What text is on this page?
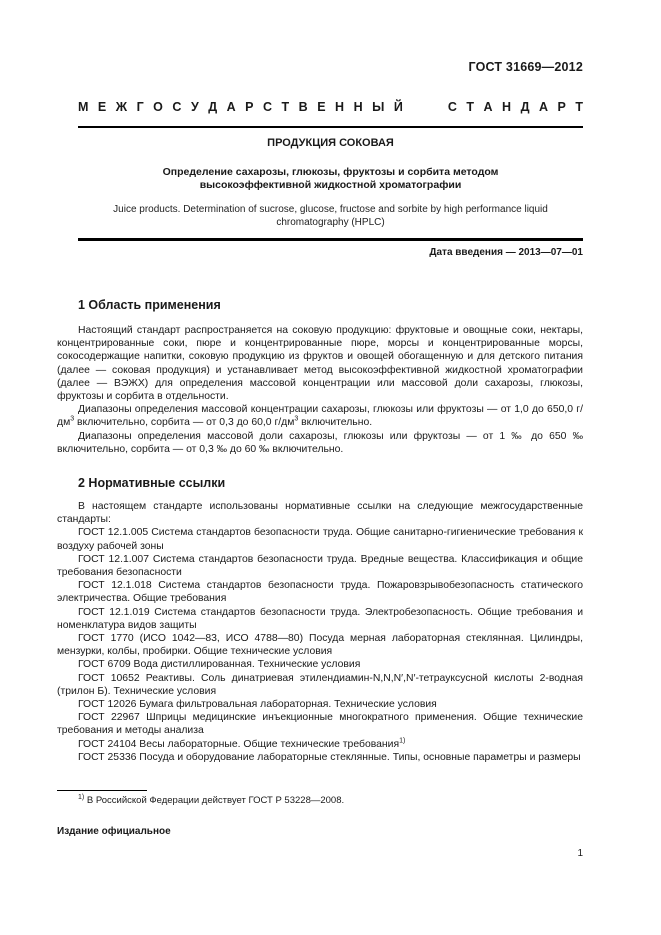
ГОСТ 31669—2012
М Е Ж Г О С У Д А Р С Т В Е Н Н Ы Й	С Т А Н Д А Р Т
ПРОДУКЦИЯ СОКОВАЯ
Определение сахарозы, глюкозы, фруктозы и сорбита методом
высокоэффективной жидкостной хроматографии
Juice products. Determination of sucrose, glucose, fructose and sorbite by high performance liquid
chromatography (HPLC)
Дата введения — 2013—07—01
1 Область применения

Настоящий стандарт распространяется на соковую продукцию: фруктовые и овощные соки, нектары, концентрированные соки, пюре и концентрированные пюре, морсы и концентрированные морсы, сокосодержащие напитки, соковую продукцию из фруктов и овощей обогащенную и для детского питания (далее — соковая продукция) и устанавливает метод высокоэффективной жидкостной хроматографии (далее — ВЭЖХ) для определения массовой концентрации или массовой доли сахарозы, глюкозы, фруктозы и сорбита в отдельности.

Диапазоны определения массовой концентрации сахарозы, глюкозы или фруктозы — от 1,0 до 650,0 $г/дм^3$ включительно, сорбита — от 0,3 до 60,0 $г/дм^3$ включительно.

Диапазоны определения массовой доли сахарозы, глюкозы или фруктозы — от 1 ‰ до 650 ‰ включительно, сорбита — от 0,3 ‰ до 60 ‰ включительно.

2 Нормативные ссылки

В настоящем стандарте использованы нормативные ссылки на следующие межгосударственные стандарты:

ГОСТ 12.1.005 Система стандартов безопасности труда. Общие санитарно-гигиенические требования к воздуху рабочей зоны

ГОСТ 12.1.007 Система стандартов безопасности труда. Вредные вещества. Классификация и общие требования безопасности

ГОСТ 12.1.018 Система стандартов безопасности труда. Пожаровзрывобезопасность статического электричества. Общие требования

ГОСТ 12.1.019 Система стандартов безопасности труда. Электробезопасность. Общие требования и номенклатура видов защиты

ГОСТ 1770 (ИСО 1042—83, ИСО 4788—80) Посуда мерная лабораторная стеклянная. Цилиндры, мензурки, колбы, пробирки. Общие технические условия

ГОСТ 6709 Вода дистиллированная. Технические условия

ГОСТ 10652 Реактивы. Соль динатриевая этилендиамин-N,N,N′,N′-тетрауксусной кислоты 2-водная (трилон Б). Технические условия

ГОСТ 12026 Бумага фильтровальная лабораторная. Технические условия

ГОСТ 22967 Шприцы медицинские инъекционные многократного применения. Общие технические требования и методы анализа

ГОСТ 24104 Весы лабораторные. Общие технические требования$^{1)}$

ГОСТ 25336 Посуда и оборудование лабораторные стеклянные. Типы, основные параметры и размеры

$^{1)}$ В Российской Федерации действует ГОСТ Р 53228—2008.
Издание официальное
1
